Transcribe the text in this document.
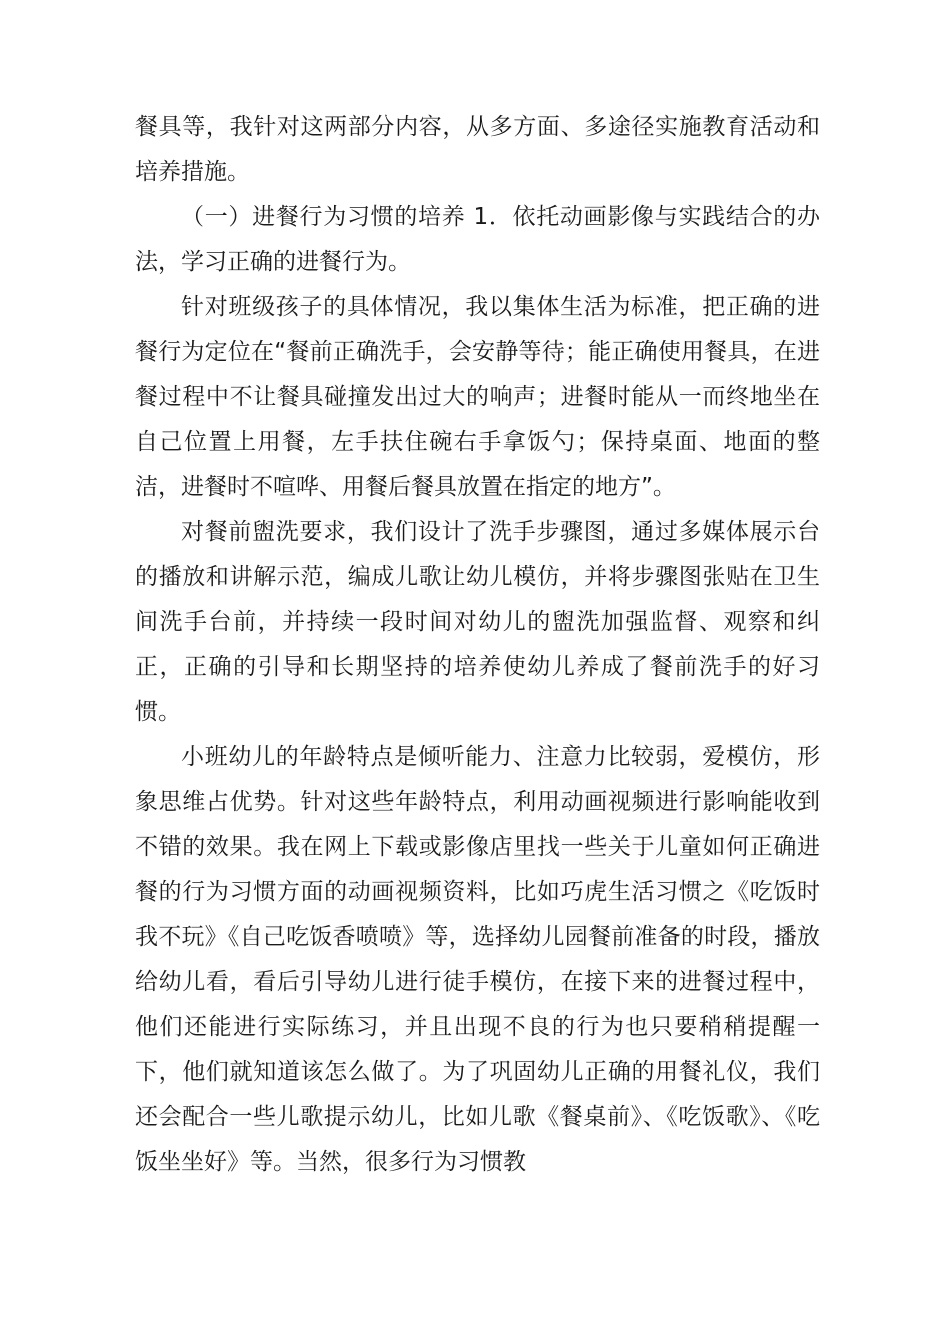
餐具等，我针对这两部分内容，从多方面、多途径实施教育活动和培养措施。

（一）进餐行为习惯的培养 1．依托动画影像与实践结合的办法，学习正确的进餐行为。

针对班级孩子的具体情况，我以集体生活为标准，把正确的进餐行为定位在“餐前正确洗手，会安静等待；能正确使用餐具，在进餐过程中不让餐具碰撞发出过大的响声；进餐时能从一而终地坐在自己位置上用餐，左手扶住碗右手拿饭勺；保持桌面、地面的整洁，进餐时不喧哗、用餐后餐具放置在指定的地方”。

对餐前盥洗要求，我们设计了洗手步骤图，通过多媒体展示台的播放和讲解示范，编成儿歌让幼儿模仿，并将步骤图张贴在卫生间洗手台前，并持续一段时间对幼儿的盥洗加强监督、观察和纠正，正确的引导和长期坚持的培养使幼儿养成了餐前洗手的好习惯。

小班幼儿的年龄特点是倾听能力、注意力比较弱，爱模仿，形象思维占优势。针对这些年龄特点，利用动画视频进行影响能收到不错的效果。我在网上下载或影像店里找一些关于儿童如何正确进餐的行为习惯方面的动画视频资料，比如巧虎生活习惯之《吃饭时我不玩》《自己吃饭香喷喷》等，选择幼儿园餐前准备的时段，播放给幼儿看，看后引导幼儿进行徒手模仿，在接下来的进餐过程中，他们还能进行实际练习，并且出现不良的行为也只要稍稍提醒一下，他们就知道该怎么做了。为了巩固幼儿正确的用餐礼仪，我们还会配合一些儿歌提示幼儿，比如儿歌《餐桌前》、《吃饭歌》、《吃饭坐坐好》等。当然，很多行为习惯教
